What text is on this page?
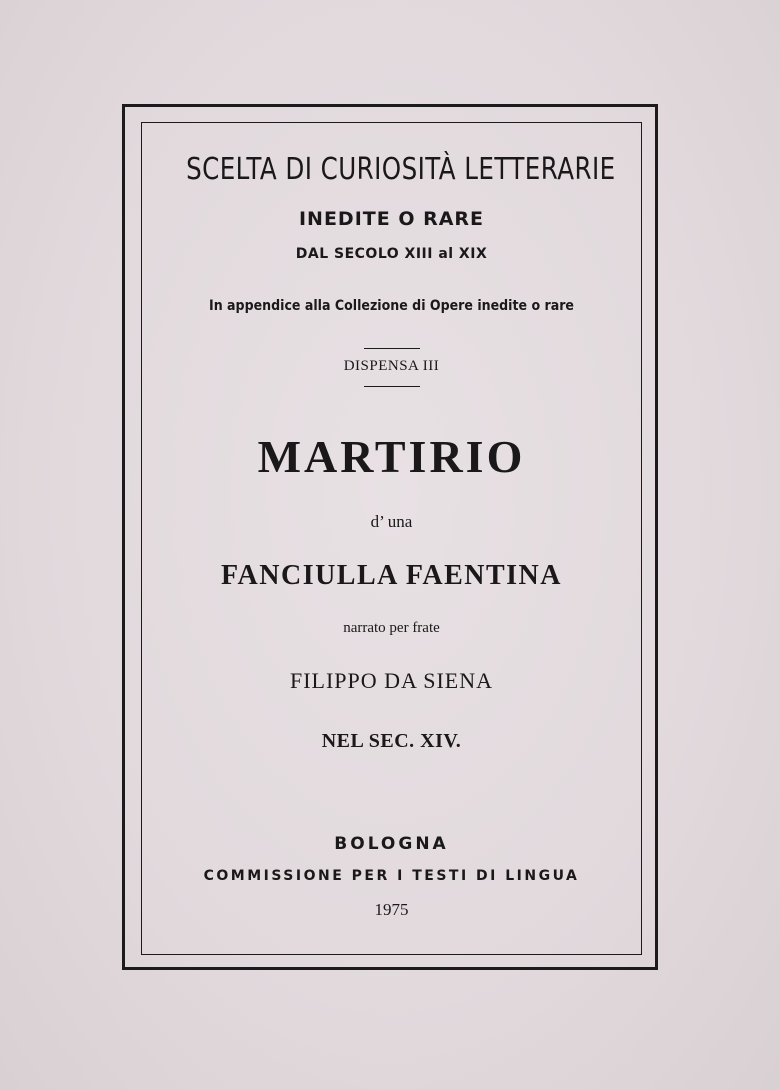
SCELTA DI CURIOSITÀ LETTERARIE
INEDITE O RARE
DAL SECOLO XIII al XIX
In appendice alla Collezione di Opere inedite o rare
DISPENSA III
MARTIRIO
d’ una
FANCIULLA FAENTINA
narrato per frate
FILIPPO DA SIENA
NEL SEC. XIV.
BOLOGNA
COMMISSIONE PER I TESTI DI LINGUA
1975
